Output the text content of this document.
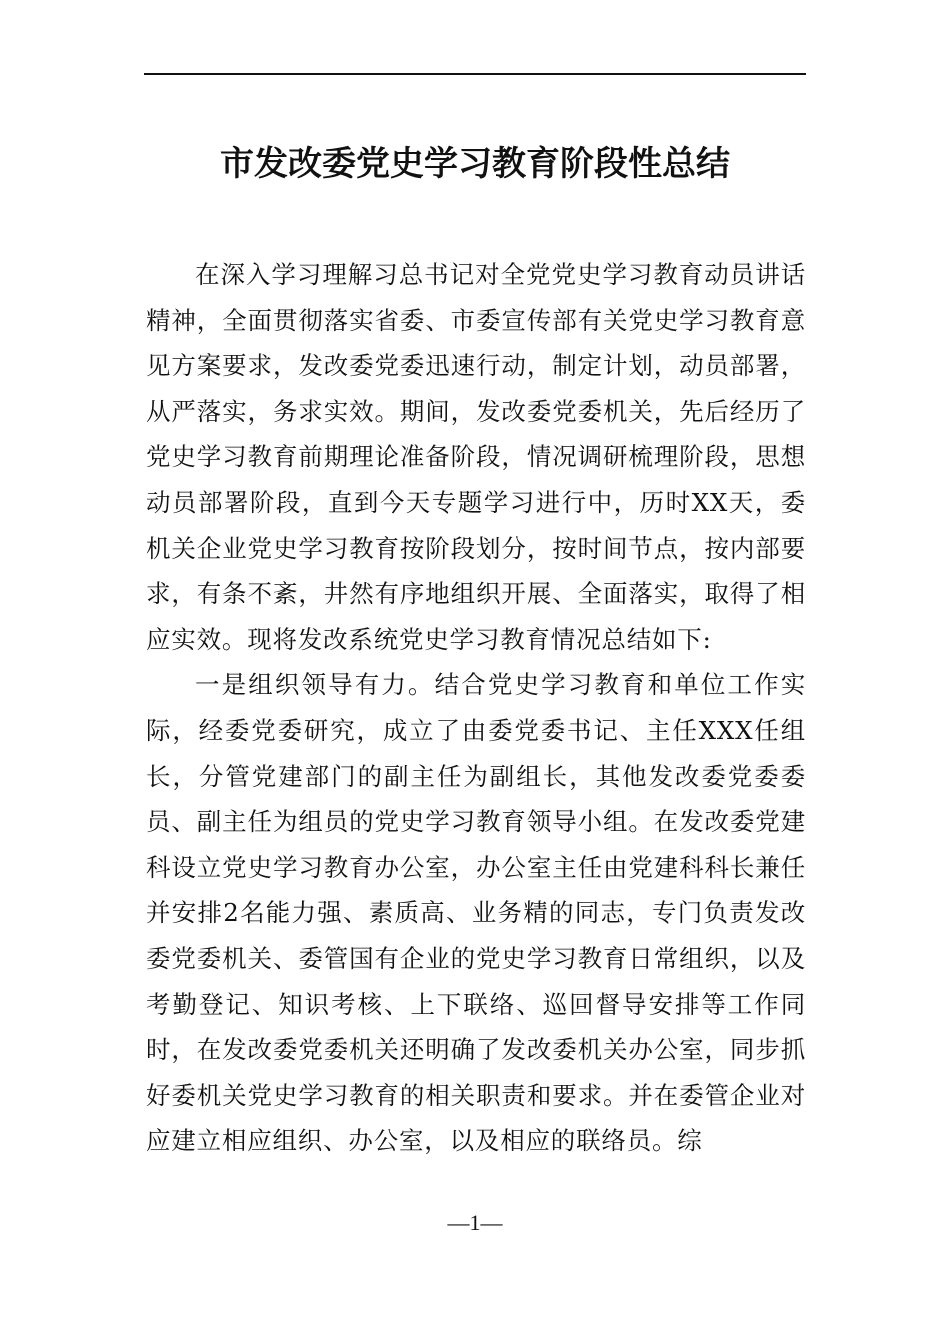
市发改委党史学习教育阶段性总结

在深入学习理解习总书记对全党党史学习教育动员讲话精神，全面贯彻落实省委、市委宣传部有关党史学习教育意见方案要求，发改委党委迅速行动，制定计划，动员部署，从严落实，务求实效。期间，发改委党委机关，先后经历了党史学习教育前期理论准备阶段，情况调研梳理阶段，思想动员部署阶段，直到今天专题学习进行中，历时XX天，委机关企业党史学习教育按阶段划分，按时间节点，按内部要求，有条不紊，井然有序地组织开展、全面落实，取得了相应实效。现将发改系统党史学习教育情况总结如下:

一是组织领导有力。结合党史学习教育和单位工作实际，经委党委研究，成立了由委党委书记、主任XXX任组长，分管党建部门的副主任为副组长，其他发改委党委委员、副主任为组员的党史学习教育领导小组。在发改委党建科设立党史学习教育办公室，办公室主任由党建科科长兼任并安排2名能力强、素质高、业务精的同志，专门负责发改委党委机关、委管国有企业的党史学习教育日常组织，以及考勤登记、知识考核、上下联络、巡回督导安排等工作同时，在发改委党委机关还明确了发改委机关办公室，同步抓好委机关党史学习教育的相关职责和要求。并在委管企业对应建立相应组织、办公室，以及相应的联络员。综

—1—
